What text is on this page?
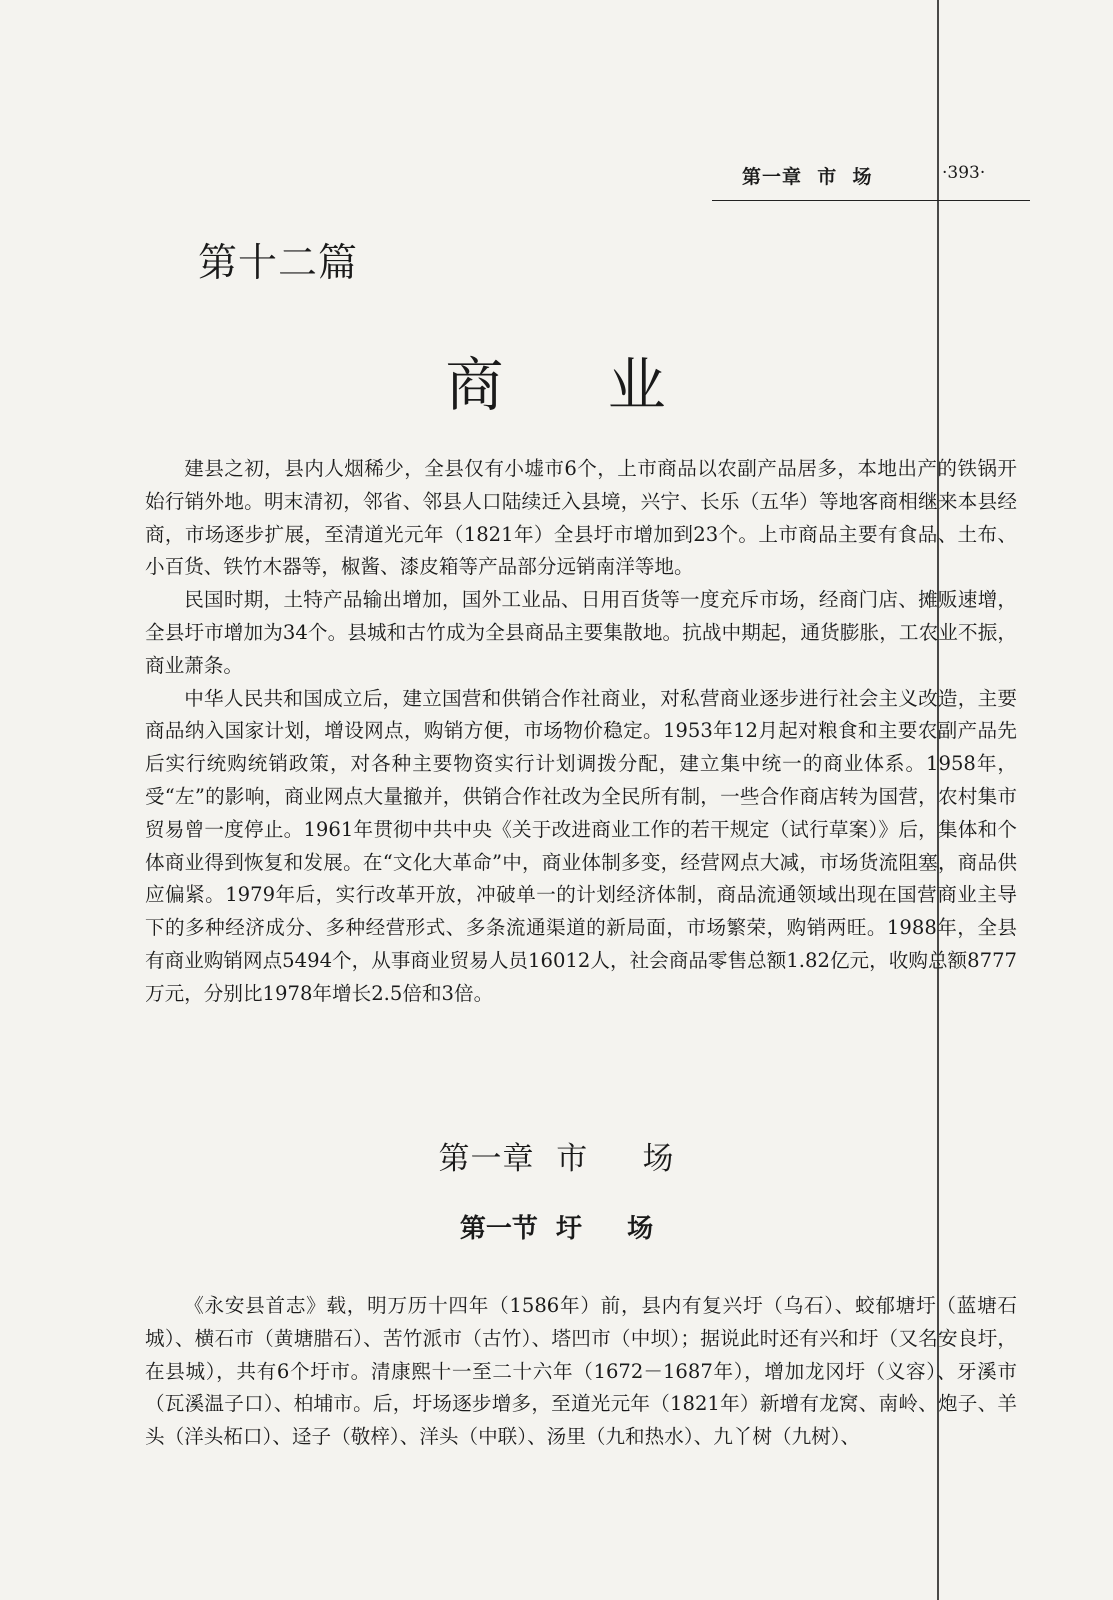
第一章  市  场	·393·
第十二篇
商     业

建县之初，县内人烟稀少，全县仅有小墟市6个，上市商品以农副产品居多，本地出产的铁锅开始行销外地。明末清初，邻省、邻县人口陆续迁入县境，兴宁、长乐（五华）等地客商相继来本县经商，市场逐步扩展，至清道光元年（1821年）全县圩市增加到23个。上市商品主要有食品、土布、小百货、铁竹木器等，椒酱、漆皮箱等产品部分远销南洋等地。

民国时期，土特产品输出增加，国外工业品、日用百货等一度充斥市场，经商门店、摊贩速增，全县圩市增加为34个。县城和古竹成为全县商品主要集散地。抗战中期起，通货膨胀，工农业不振，商业萧条。

中华人民共和国成立后，建立国营和供销合作社商业，对私营商业逐步进行社会主义改造，主要商品纳入国家计划，增设网点，购销方便，市场物价稳定。1953年12月起对粮食和主要农副产品先后实行统购统销政策，对各种主要物资实行计划调拨分配，建立集中统一的商业体系。1958年，受“左”的影响，商业网点大量撤并，供销合作社改为全民所有制，一些合作商店转为国营，农村集市贸易曾一度停止。1961年贯彻中共中央《关于改进商业工作的若干规定（试行草案）》后，集体和个体商业得到恢复和发展。在“文化大革命”中，商业体制多变，经营网点大减，市场货流阻塞，商品供应偏紧。1979年后，实行改革开放，冲破单一的计划经济体制，商品流通领域出现在国营商业主导下的多种经济成分、多种经营形式、多条流通渠道的新局面，市场繁荣，购销两旺。1988年，全县有商业购销网点5494个，从事商业贸易人员16012人，社会商品零售总额1.82亿元，收购总额8777万元，分别比1978年增长2.5倍和3倍。

第一章  市     场
第一节  圩     场

《永安县首志》载，明万历十四年（1586年）前，县内有复兴圩（乌石）、蛟郁塘圩（蓝塘石城）、横石市（黄塘腊石）、苦竹派市（古竹）、塔凹市（中坝）；据说此时还有兴和圩（又名安良圩，在县城），共有6个圩市。清康熙十一至二十六年（1672－1687年），增加龙冈圩（义容）、牙溪市（瓦溪温子口）、柏埔市。后，圩场逐步增多，至道光元年（1821年）新增有龙窝、南岭、炮子、羊头（洋头柘口）、迳子（敬梓）、洋头（中联）、汤里（九和热水）、九丫树（九树）、
